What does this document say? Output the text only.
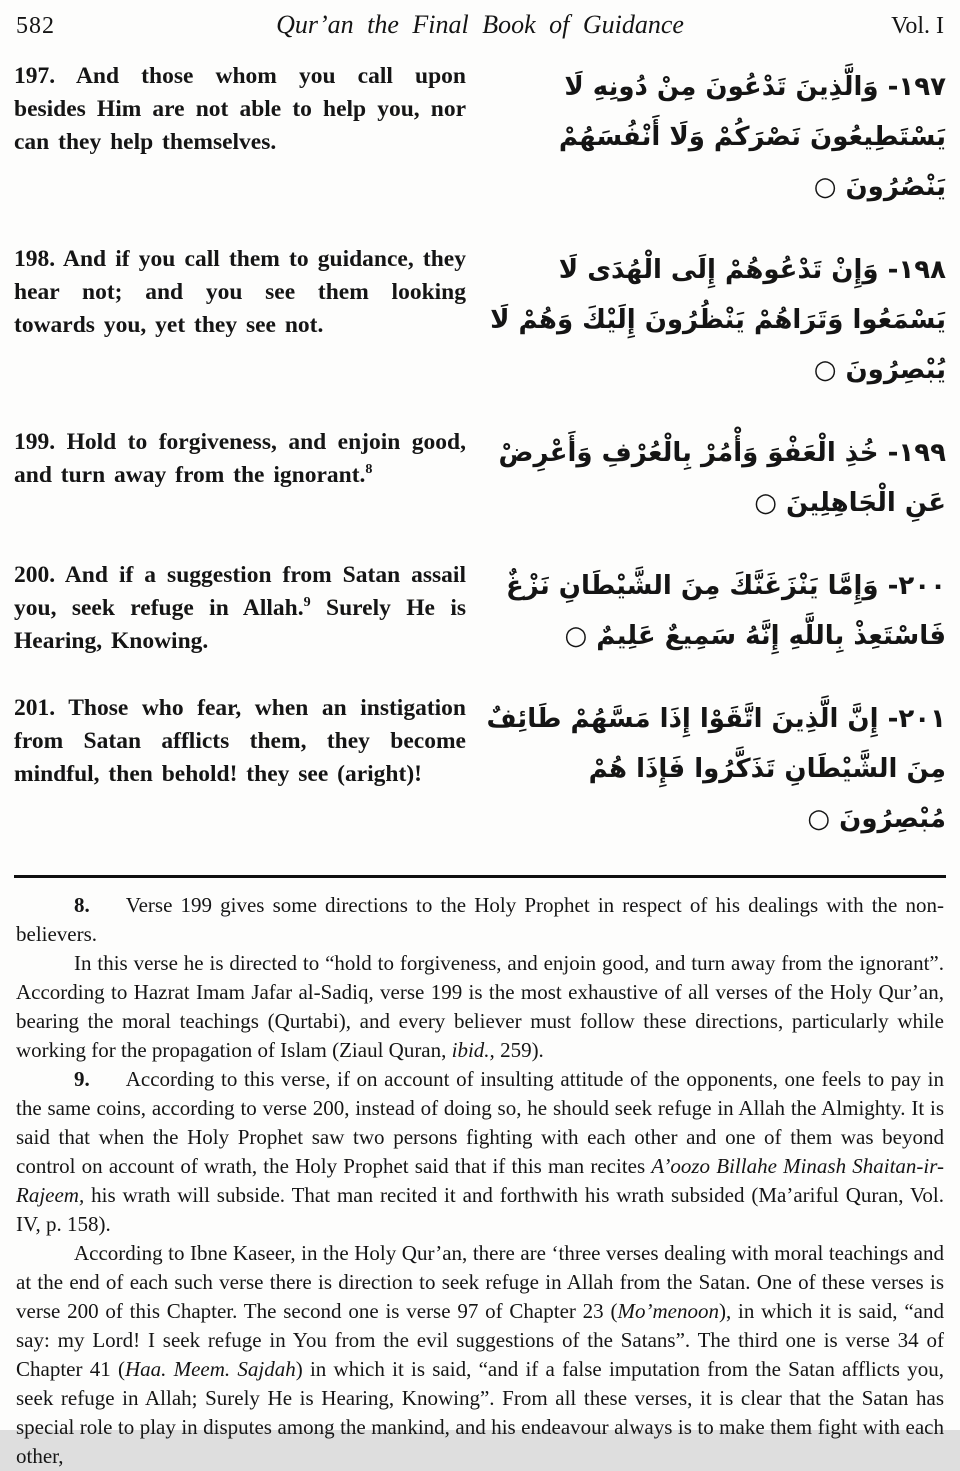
582	Qur’an the Final Book of Guidance	Vol. I
197. And those whom you call upon besides Him are not able to help you, nor can they help themselves.
١٩٧- وَالَّذِينَ تَدْعُونَ مِنْ دُونِهِ لَا يَسْتَطِيعُونَ نَصْرَكُمْ وَلَا أَنْفُسَهُمْ يَنْصُرُونَ ○
198. And if you call them to guidance, they hear not; and you see them looking towards you, yet they see not.
١٩٨- وَإِنْ تَدْعُوهُمْ إِلَى الْهُدَى لَا يَسْمَعُوا وَتَرَاهُمْ يَنْظُرُونَ إِلَيْكَ وَهُمْ لَا يُبْصِرُونَ ○
199. Hold to forgiveness, and enjoin good, and turn away from the ignorant.$^8$
١٩٩- خُذِ الْعَفْوَ وَأْمُرْ بِالْعُرْفِ وَأَعْرِضْ عَنِ الْجَاهِلِينَ ○
200. And if a suggestion from Satan assail you, seek refuge in Allah.$^9$ Surely He is Hearing, Knowing.
٢٠٠- وَإِمَّا يَنْزَغَنَّكَ مِنَ الشَّيْطَانِ نَزْغٌ فَاسْتَعِذْ بِاللَّهِ إِنَّهُ سَمِيعٌ عَلِيمٌ ○
201. Those who fear, when an instigation from Satan afflicts them, they become mindful, then behold! they see (aright)!
٢٠١- إِنَّ الَّذِينَ اتَّقَوْا إِذَا مَسَّهُمْ طَائِفٌ مِنَ الشَّيْطَانِ تَذَكَّرُوا فَإِذَا هُمْ مُبْصِرُونَ ○

8. Verse 199 gives some directions to the Holy Prophet in respect of his dealings with the non-believers.

In this verse he is directed to “hold to forgiveness, and enjoin good, and turn away from the ignorant”. According to Hazrat Imam Jafar al-Sadiq, verse 199 is the most exhaustive of all verses of the Holy Qur’an, bearing the moral teachings (Qurtabi), and every believer must follow these directions, particularly while working for the propagation of Islam (Ziaul Quran, ibid., 259).

9. According to this verse, if on account of insulting attitude of the opponents, one feels to pay in the same coins, according to verse 200, instead of doing so, he should seek refuge in Allah the Almighty. It is said that when the Holy Prophet saw two persons fighting with each other and one of them was beyond control on account of wrath, the Holy Prophet said that if this man recites A’oozo Billahe Minash Shaitan-ir-Rajeem, his wrath will subside. That man recited it and forthwith his wrath subsided (Ma’ariful Quran, Vol. IV, p. 158).

According to Ibne Kaseer, in the Holy Qur’an, there are ‘three verses dealing with moral teachings and at the end of each such verse there is direction to seek refuge in Allah from the Satan. One of these verses is verse 200 of this Chapter. The second one is verse 97 of Chapter 23 (Mo’menoon), in which it is said, “and say: my Lord! I seek refuge in You from the evil suggestions of the Satans”. The third one is verse 34 of Chapter 41 (Haa. Meem. Sajdah) in which it is said, “and if a false imputation from the Satan afflicts you, seek refuge in Allah; Surely He is Hearing, Knowing”. From all these verses, it is clear that the Satan has special role to play in disputes among the mankind, and his endeavour always is to make them fight with each other,
